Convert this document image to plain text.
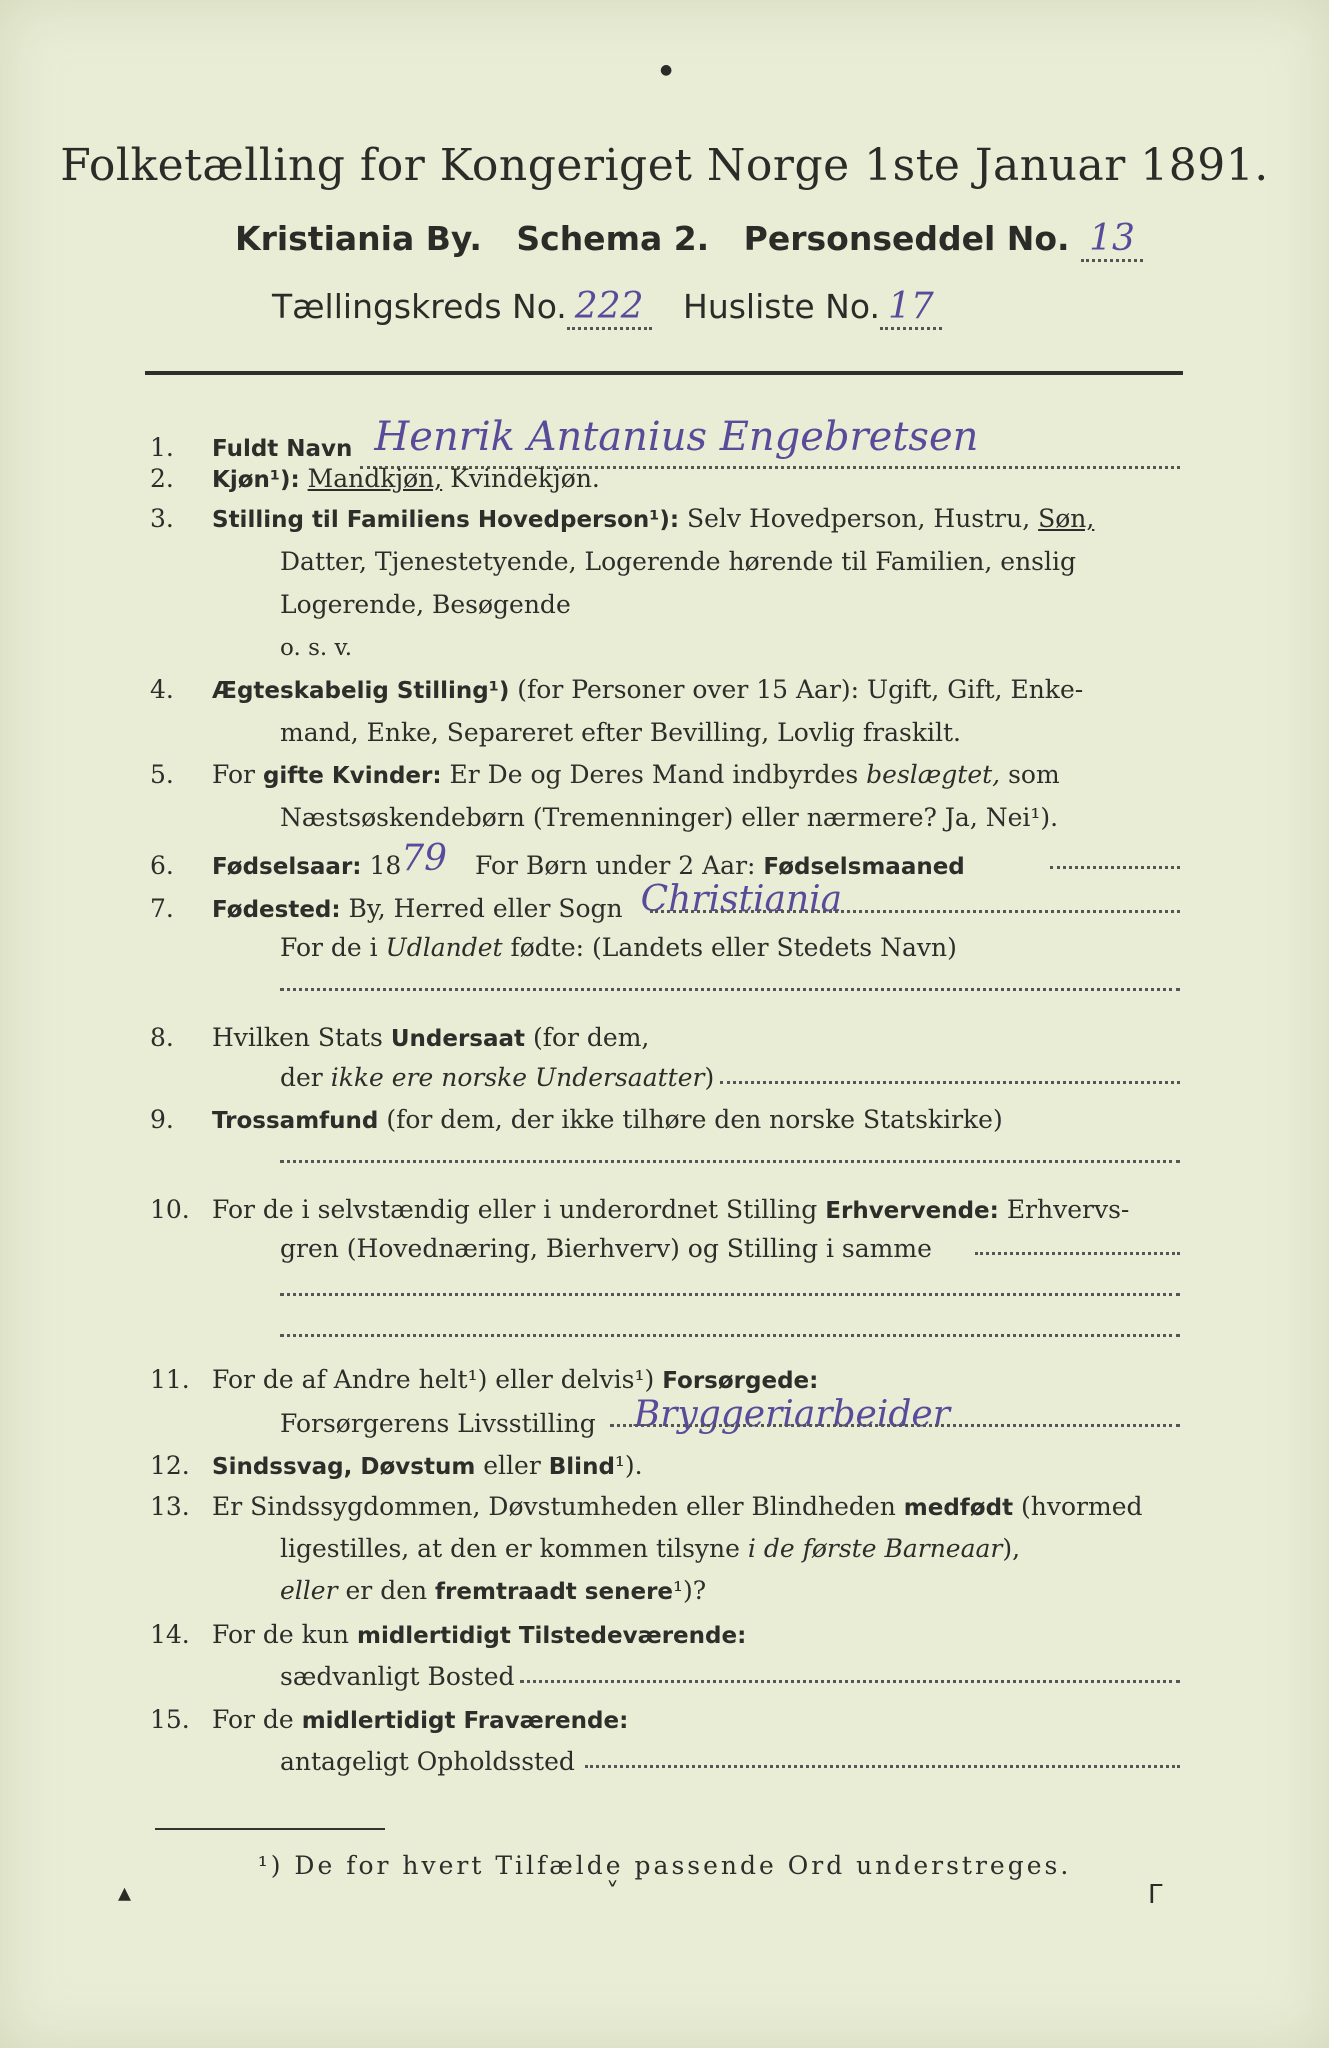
Folketælling for Kongeriget Norge 1ste Januar 1891.
Kristiania By. Schema 2. Personseddel No. 13
Tællingskreds No. 222 Husliste No. 17
1. Fuldt Navn Henrik Antanius Engebretsen
2. Kjøn¹): Mandkjøn, Kvindekjøn.
3. Stilling til Familiens Hovedperson¹): Selv Hovedperson, Hustru, Søn,
Datter, Tjenestetyende, Logerende hørende til Familien, enslig
Logerende, Besøgende
o. s. v.
4. Ægteskabelig Stilling¹) (for Personer over 15 Aar): Ugift, Gift, Enke-
mand, Enke, Separeret efter Bevilling, Lovlig fraskilt.
5. For gifte Kvinder: Er De og Deres Mand indbyrdes beslægtet, som
Næstsøskendebørn (Tremenninger) eller nærmere? Ja, Nei¹).
6. Fødselsaar: 1879 For Børn under 2 Aar: Fødselsmaaned
7. Fødested: By, Herred eller Sogn Christiania
For de i Udlandet fødte: (Landets eller Stedets Navn)
8. Hvilken Stats Undersaat (for dem,
der ikke ere norske Undersaatter)
9. Trossamfund (for dem, der ikke tilhøre den norske Statskirke)
10. For de i selvstændig eller i underordnet Stilling Erhvervende: Erhvervs-
gren (Hovednæring, Bierhverv) og Stilling i samme
11. For de af Andre helt¹) eller delvis¹) Forsørgede:
Forsørgerens Livsstilling Bryggeriarbeider
12. Sindssvag, Døvstum eller Blind¹).
13. Er Sindssygdommen, Døvstumheden eller Blindheden medfødt (hvormed
ligestilles, at den er kommen tilsyne i de første Barneaar),
eller er den fremtraadt senere¹)?
14. For de kun midlertidigt Tilstedeværende:
sædvanligt Bosted
15. For de midlertidigt Fraværende:
antageligt Opholdssted
¹) De for hvert Tilfælde passende Ord understreges.
▴	˅	ᒥ
●
